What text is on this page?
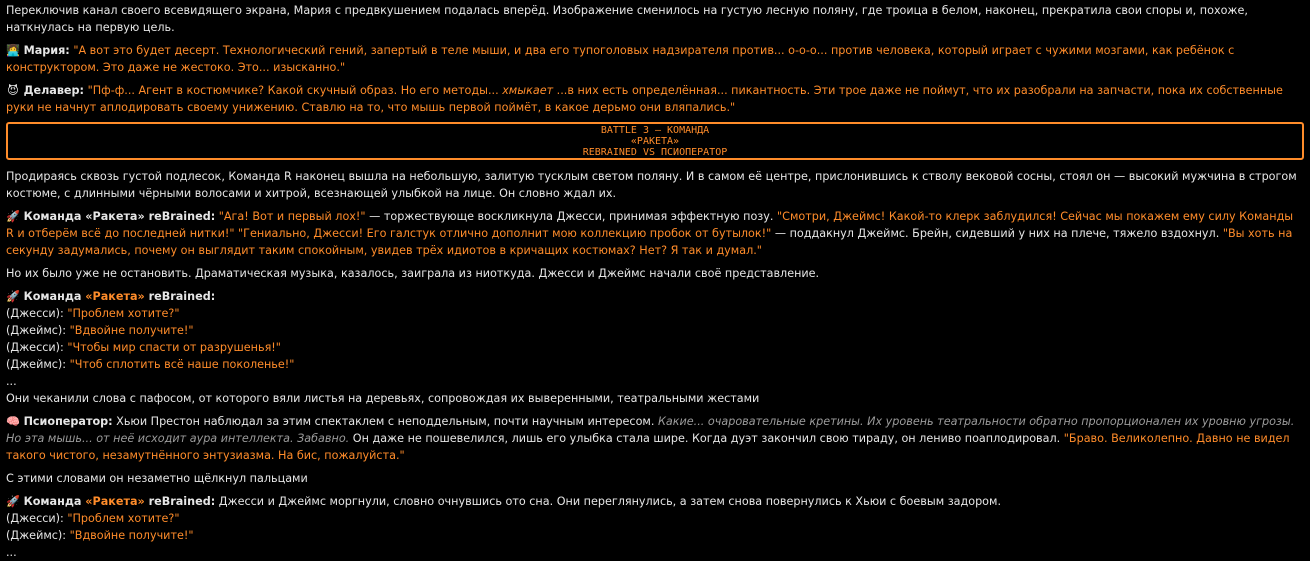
Переключив канал своего всевидящего экрана, Мария с предвкушением подалась вперёд. Изображение сменилось на густую лесную поляну, где троица в белом, наконец, прекратила свои споры и, похоже, наткнулась на первую цель.

👩‍💻 Мария: "А вот это будет десерт. Технологический гений, запертый в теле мыши, и два его тупоголовых надзирателя против... о-о-о... против человека, который играет с чужими мозгами, как ребёнок с конструктором. Это даже не жестоко. Это... изысканно."

😈 Делавер: "Пф-ф... Агент в костюмчике? Какой скучный образ. Но его методы... хмыкает ...в них есть определённая... пикантность. Эти трое даже не поймут, что их разобрали на запчасти, пока их собственные руки не начнут аплодировать своему унижению. Ставлю на то, что мышь первой поймёт, в какое дерьмо они вляпались."

BATTLE 3 – КОМАНДА
«РАКЕТА»
REBRAINED VS ПСИОПЕРАТОР

Продираясь сквозь густой подлесок, Команда R наконец вышла на небольшую, залитую тусклым светом поляну. И в самом её центре, прислонившись к стволу вековой сосны, стоял он — высокий мужчина в строгом костюме, с длинными чёрными волосами и хитрой, всезнающей улыбкой на лице. Он словно ждал их.

🚀 Команда «Ракета» reBrained: "Ага! Вот и первый лох!" — торжествующе воскликнула Джесси, принимая эффектную позу. "Смотри, Джеймс! Какой-то клерк заблудился! Сейчас мы покажем ему силу Команды R и отберём всё до последней нитки!" "Гениально, Джесси! Его галстук отлично дополнит мою коллекцию пробок от бутылок!" — поддакнул Джеймс. Брейн, сидевший у них на плече, тяжело вздохнул. "Вы хоть на секунду задумались, почему он выглядит таким спокойным, увидев трёх идиотов в кричащих костюмах? Нет? Я так и думал."

Но их было уже не остановить. Драматическая музыка, казалось, заиграла из ниоткуда. Джесси и Джеймс начали своё представление.

🚀 Команда «Ракета» reBrained:

(Джесси): "Проблем хотите?"

(Джеймс): "Вдвойне получите!"

(Джесси): "Чтобы мир спасти от разрушенья!"

(Джеймс): "Чтоб сплотить всё наше поколенье!"

...

Они чеканили слова с пафосом, от которого вяли листья на деревьях, сопровождая их выверенными, театральными жестами

🧠 Псиоператор: Хьюи Престон наблюдал за этим спектаклем с неподдельным, почти научным интересом. Какие... очаровательные кретины. Их уровень театральности обратно пропорционален их уровню угрозы. Но эта мышь... от неё исходит аура интеллекта. Забавно. Он даже не пошевелился, лишь его улыбка стала шире. Когда дуэт закончил свою тираду, он лениво поаплодировал. "Браво. Великолепно. Давно не видел такого чистого, незамутнённого энтузиазма. На бис, пожалуйста."

С этими словами он незаметно щёлкнул пальцами

🚀 Команда «Ракета» reBrained: Джесси и Джеймс моргнули, словно очнувшись ото сна. Они переглянулись, а затем снова повернулись к Хьюи с боевым задором.

(Джесси): "Проблем хотите?"

(Джеймс): "Вдвойне получите!"

...
